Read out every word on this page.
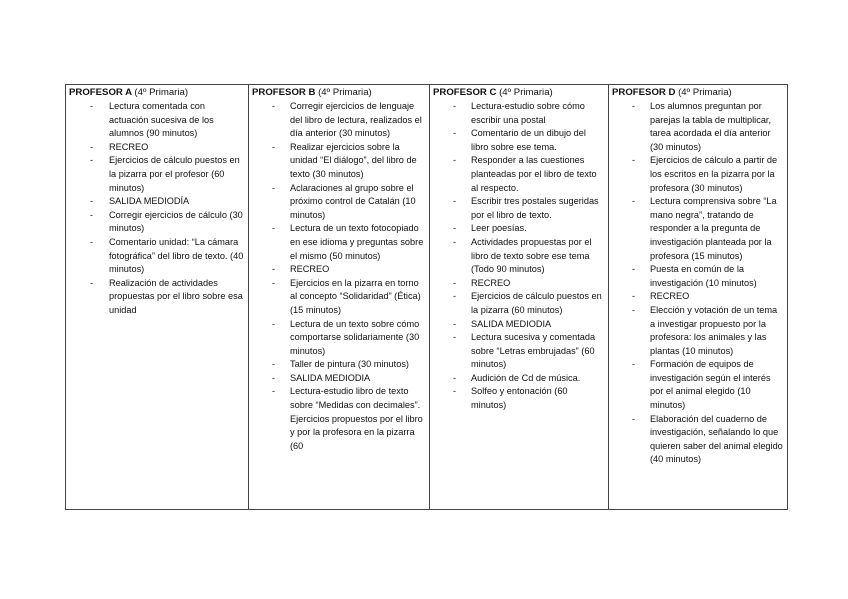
PROFESOR A (4º Primaria)
- Lectura comentada con actuación sucesiva de los alumnos (90 minutos)
- RECREO
- Ejercicios de cálculo puestos en la pizarra por el profesor (60 minutos)
- SALIDA MEDIODÍA
- Corregir ejercicios de cálculo (30 minutos)
- Comentario unidad: “La cámara fotográfica” del libro de texto. (40 minutos)
- Realización de actividades propuestas por el libro sobre esa unidad

PROFESOR B (4º Primaria)
- Corregir ejercicios de lenguaje del libro de lectura, realizados el día anterior (30 minutos)
- Realizar ejercicios sobre la unidad “El diálogo”, del libro de texto (30 minutos)
- Aclaraciones al grupo sobre el próximo control de Catalán (10 minutos)
- Lectura de un texto fotocopiado en ese idioma y preguntas sobre el mismo (50 minutos)
- RECREO
- Ejercicios en la pizarra en torno al concepto “Solidaridad” (Ética) (15 minutos)
- Lectura de un texto sobre cómo comportarse solidariamente (30 minutos)
- Taller de pintura (30 minutos)
- SALIDA MEDIODIA
- Lectura-estudio libro de texto sobre “Medidas con decimales”. Ejercicios propuestos por el libro y por la profesora en la pizarra (60

PROFESOR C (4º Primaria)
- Lectura-estudio sobre cómo escribir una postal
- Comentario de un dibujo del libro sobre ese tema.
- Responder a las cuestiones planteadas por el libro de texto al respecto.
- Escribir tres postales sugeridas por el libro de texto.
- Leer poesías.
- Actividades propuestas por el libro de texto sobre ese tema
(Todo 90 minutos)
- RECREO
- Ejercicios de cálculo puestos en la pizarra (60 minutos)
- SALIDA MEDIODIA
- Lectura sucesiva y comentada sobre “Letras embrujadas” (60 minutos)
- Audición de Cd de música.
- Solfeo y entonación (60 minutos)

PROFESOR D (4º Primaria)
- Los alumnos preguntan por parejas la tabla de multiplicar, tarea acordada el día anterior (30 minutos)
- Ejercicios de cálculo a partir de los escritos en la pizarra por la profesora (30 minutos)
- Lectura comprensiva sobre “La mano negra”, tratando de responder a la pregunta de investigación planteada por la profesora (15 minutos)
- Puesta en común de la investigación (10 minutos)
- RECREO
- Elección y votación de un tema a investigar propuesto por la profesora: los animales y las plantas (10 minutos)
- Formación de equipos de investigación según el interés por el animal elegido (10 minutos)
- Elaboración del cuaderno de investigación, señalando lo que quieren saber del animal elegido (40 minutos)
